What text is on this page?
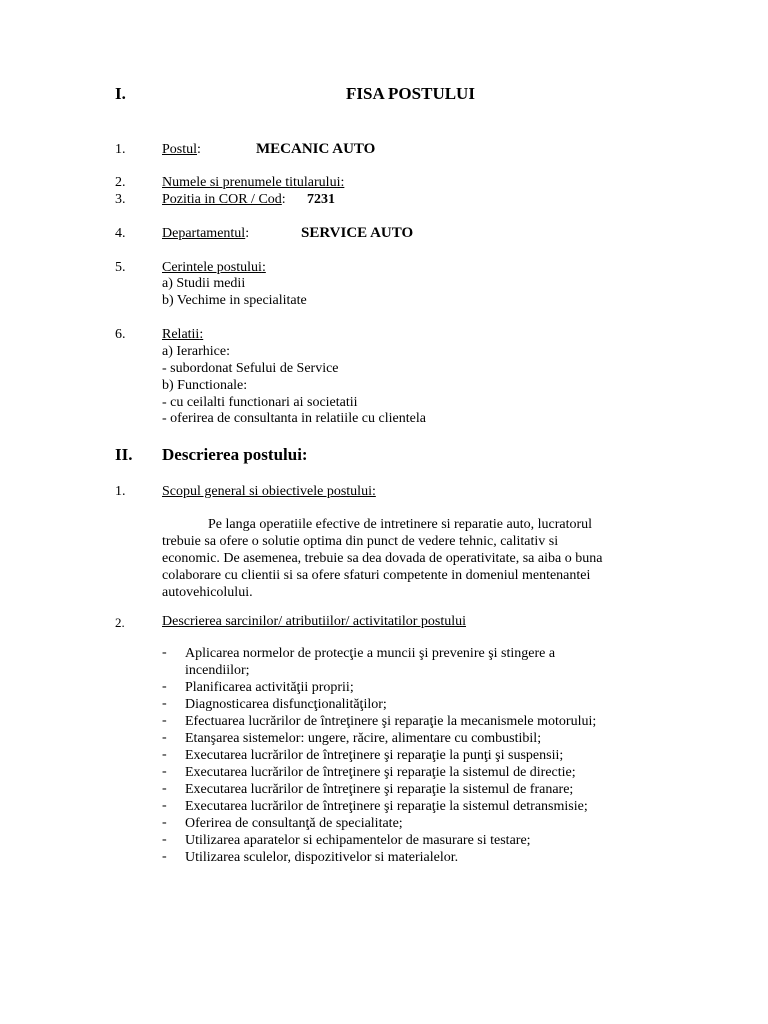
I.	FISA POSTULUI
1.	Postul:	MECANIC AUTO
2.	Numele si prenumele titularului:
3.	Pozitia in COR / Cod: 7231
4.	Departamentul:	SERVICE AUTO
5.	Cerintele postului:
a) Studii medii
b) Vechime in specialitate
6.	Relatii:
a) Ierarhice:
- subordonat Sefului de Service
b) Functionale:
- cu ceilalti functionari ai societatii
- oferirea de consultanta in relatiile cu clientela
II. Descrierea postului:
1.	Scopul general si obiectivele postului:
Pe langa operatiile efective de intretinere si reparatie auto, lucratorul
trebuie sa ofere o solutie optima din punct de vedere tehnic, calitativ si
economic. De asemenea, trebuie sa dea dovada de operativitate, sa aiba o buna
colaborare cu clientii si sa ofere sfaturi competente in domeniul mentenantei
autovehicolului.
2.	Descrierea sarcinilor/ atributiilor/ activitatilor postului
-
-
-
-
-
-
-
-
-
-
-
-
Aplicarea normelor de protecţie a muncii şi prevenire şi stingere a
incendiilor;
Planificarea activităţii proprii;
Diagnosticarea disfuncţionalităţilor;
Efectuarea lucrărilor de întreţinere şi reparaţie la mecanismele motorului;
Etanşarea sistemelor: ungere, răcire, alimentare cu combustibil;
Executarea lucrărilor de întreţinere şi reparaţie la punţi şi suspensii;
Executarea lucrărilor de întreţinere şi reparaţie la sistemul de directie;
Executarea lucrărilor de întreţinere şi reparaţie la sistemul de franare;
Executarea lucrărilor de întreţinere şi reparaţie la sistemul detransmisie;
Oferirea de consultanţă de specialitate;
Utilizarea aparatelor si echipamentelor de masurare si testare;
Utilizarea sculelor, dispozitivelor si materialelor.
